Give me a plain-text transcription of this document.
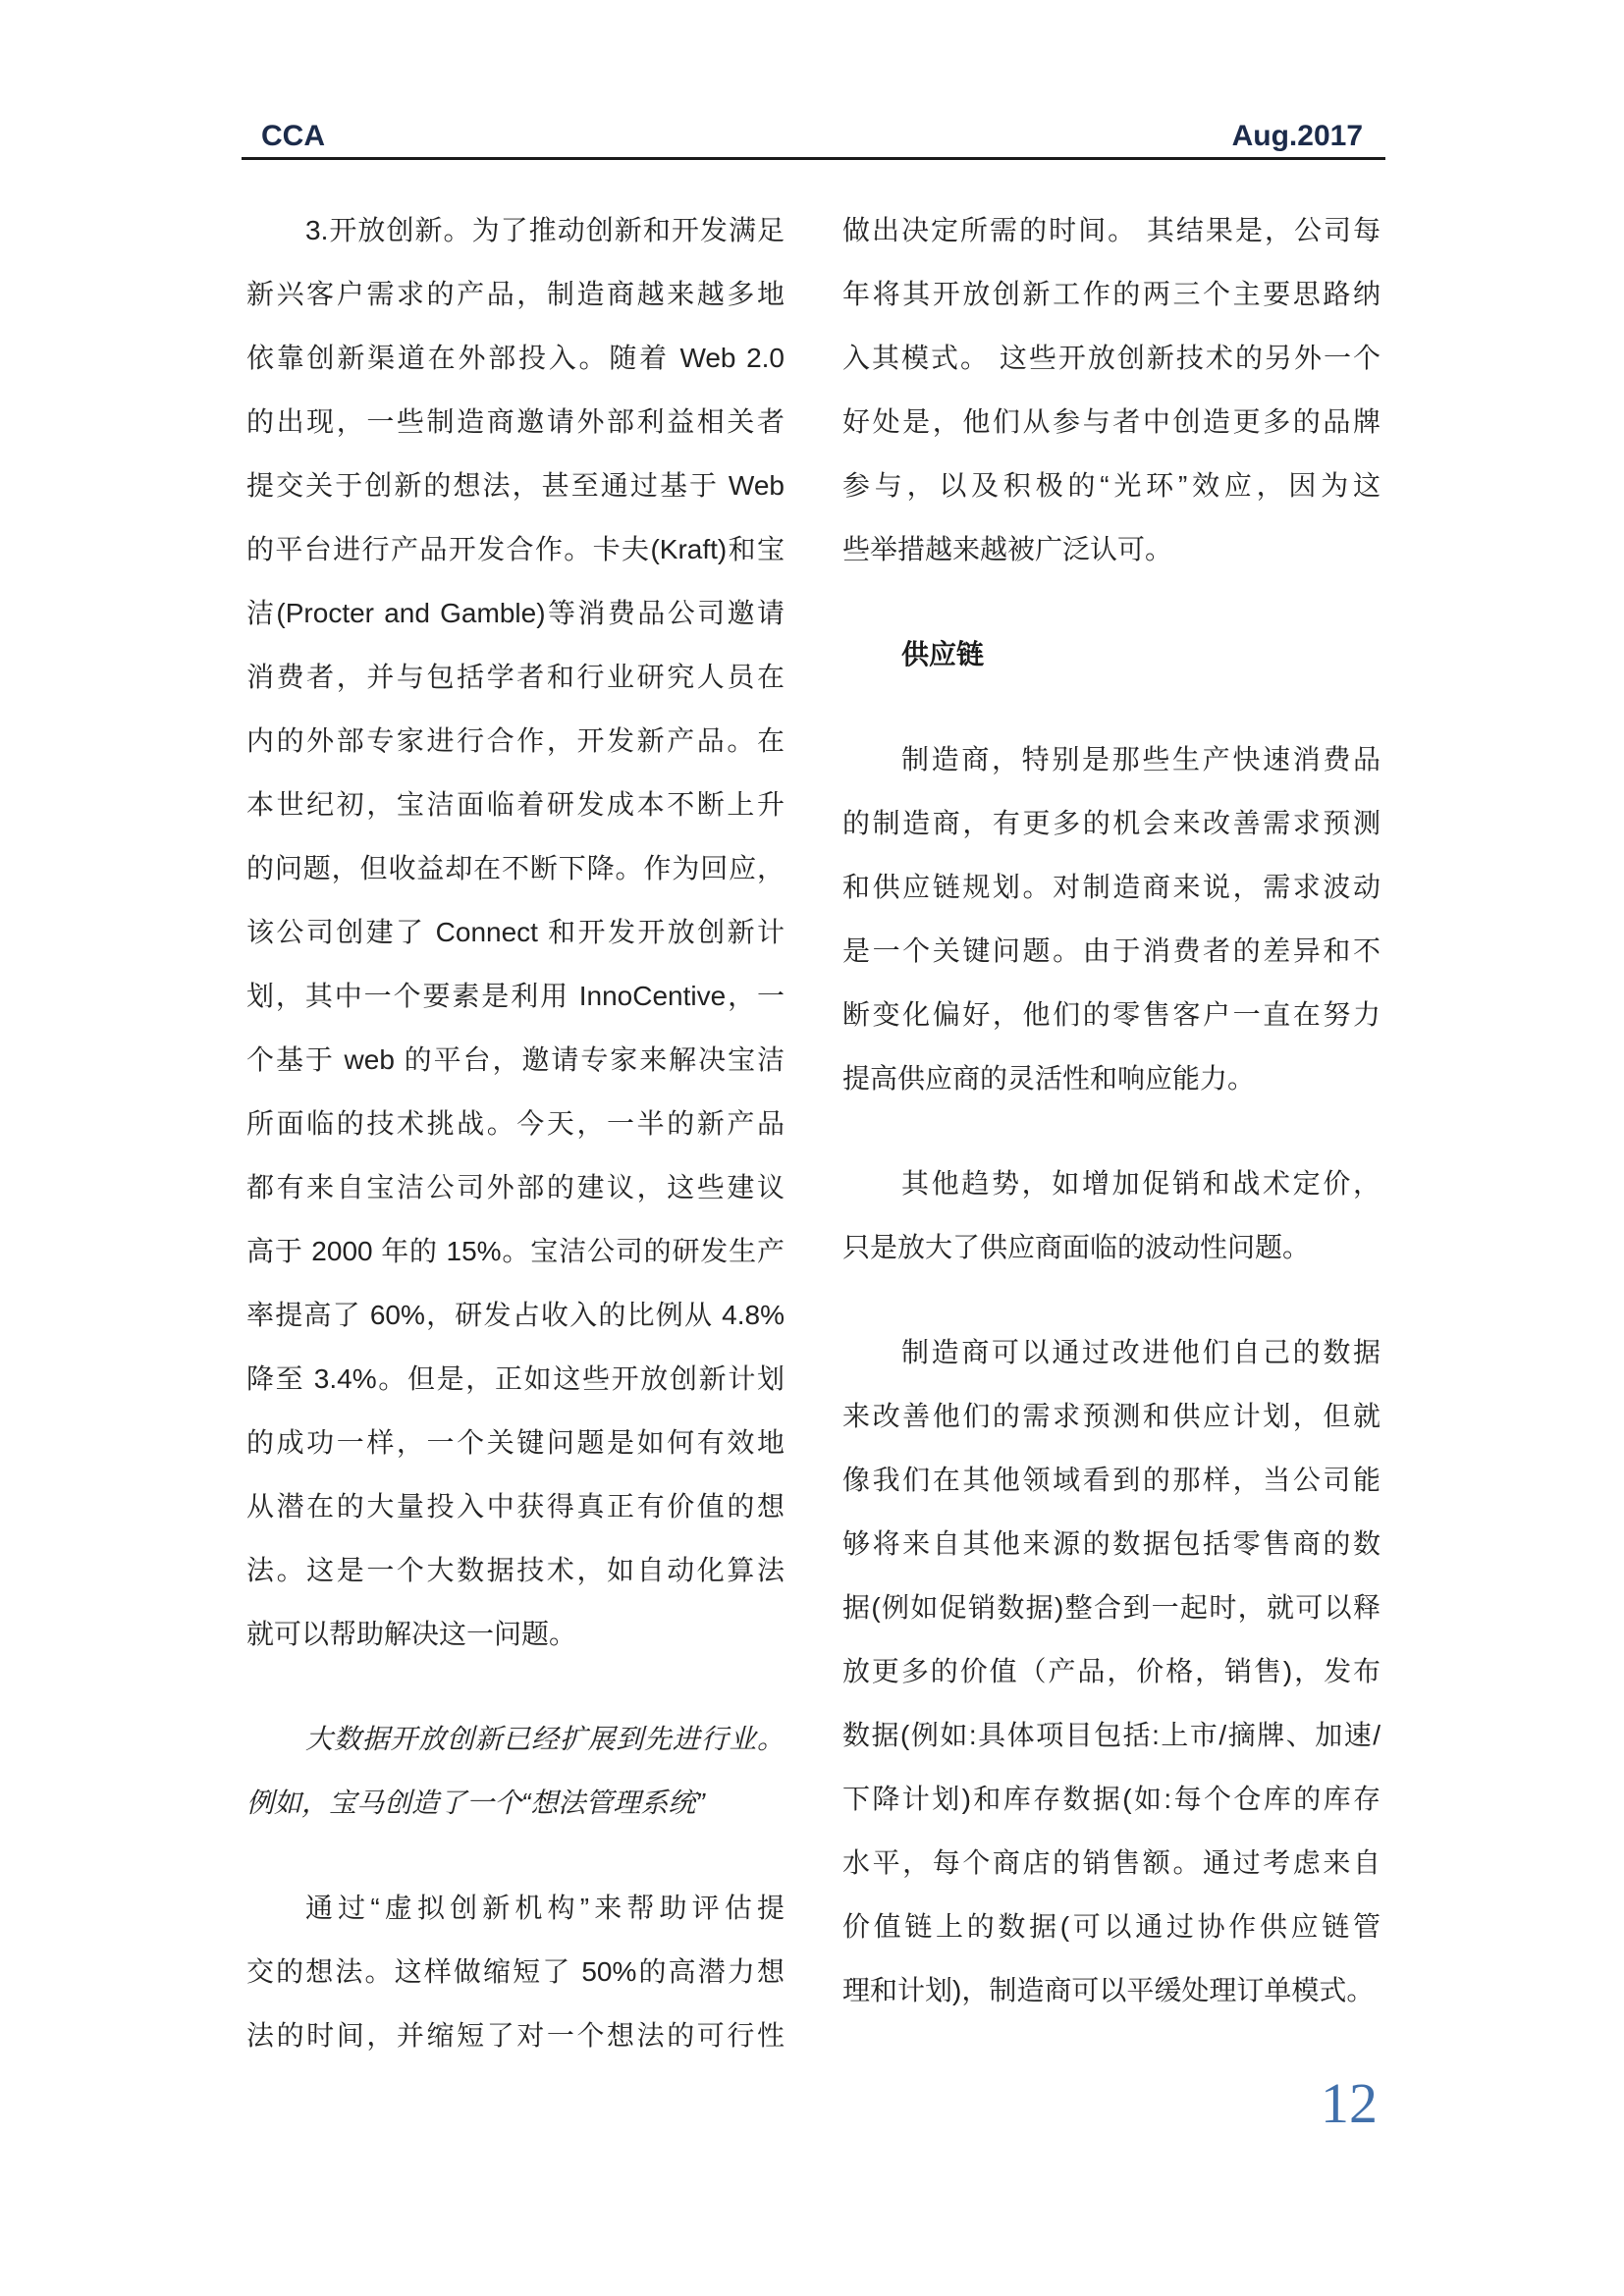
CCA	Aug.2017
3.开放创新。为了推动创新和开发满足
新兴客户需求的产品，制造商越来越多地
依靠创新渠道在外部投入。随着 Web 2.0
的出现，一些制造商邀请外部利益相关者
提交关于创新的想法，甚至通过基于 Web
的平台进行产品开发合作。卡夫(Kraft)和宝
洁(Procter and Gamble)等消费品公司邀请
消费者，并与包括学者和行业研究人员在
内的外部专家进行合作，开发新产品。在
本世纪初，宝洁面临着研发成本不断上升
的问题，但收益却在不断下降。作为回应，
该公司创建了 Connect 和开发开放创新计
划，其中一个要素是利用 InnoCentive，一
个基于 web 的平台，邀请专家来解决宝洁
所面临的技术挑战。今天，一半的新产品
都有来自宝洁公司外部的建议，这些建议
高于 2000 年的 15%。宝洁公司的研发生产
率提高了 60%，研发占收入的比例从 4.8%
降至 3.4%。但是，正如这些开放创新计划
的成功一样，一个关键问题是如何有效地
从潜在的大量投入中获得真正有价值的想
法。这是一个大数据技术，如自动化算法
就可以帮助解决这一问题。
大数据开放创新已经扩展到先进行业。
例如，宝马创造了一个“想法管理系统”
通过“虚拟创新机构”来帮助评估提
交的想法。这样做缩短了 50%的高潜力想
法的时间，并缩短了对一个想法的可行性
做出决定所需的时间。 其结果是，公司每
年将其开放创新工作的两三个主要思路纳
入其模式。 这些开放创新技术的另外一个
好处是，他们从参与者中创造更多的品牌
参与，以及积极的“光环”效应，因为这
些举措越来越被广泛认可。
供应链
制造商，特别是那些生产快速消费品
的制造商，有更多的机会来改善需求预测
和供应链规划。对制造商来说，需求波动
是一个关键问题。由于消费者的差异和不
断变化偏好，他们的零售客户一直在努力
提高供应商的灵活性和响应能力。
其他趋势，如增加促销和战术定价，
只是放大了供应商面临的波动性问题。
制造商可以通过改进他们自己的数据
来改善他们的需求预测和供应计划，但就
像我们在其他领域看到的那样，当公司能
够将来自其他来源的数据包括零售商的数
据(例如促销数据)整合到一起时，就可以释
放更多的价值（产品，价格，销售)，发布
数据(例如:具体项目包括:上市/摘牌、加速/
下降计划)和库存数据(如:每个仓库的库存
水平，每个商店的销售额。通过考虑来自
价值链上的数据(可以通过协作供应链管
理和计划)，制造商可以平缓处理订单模式。
12
